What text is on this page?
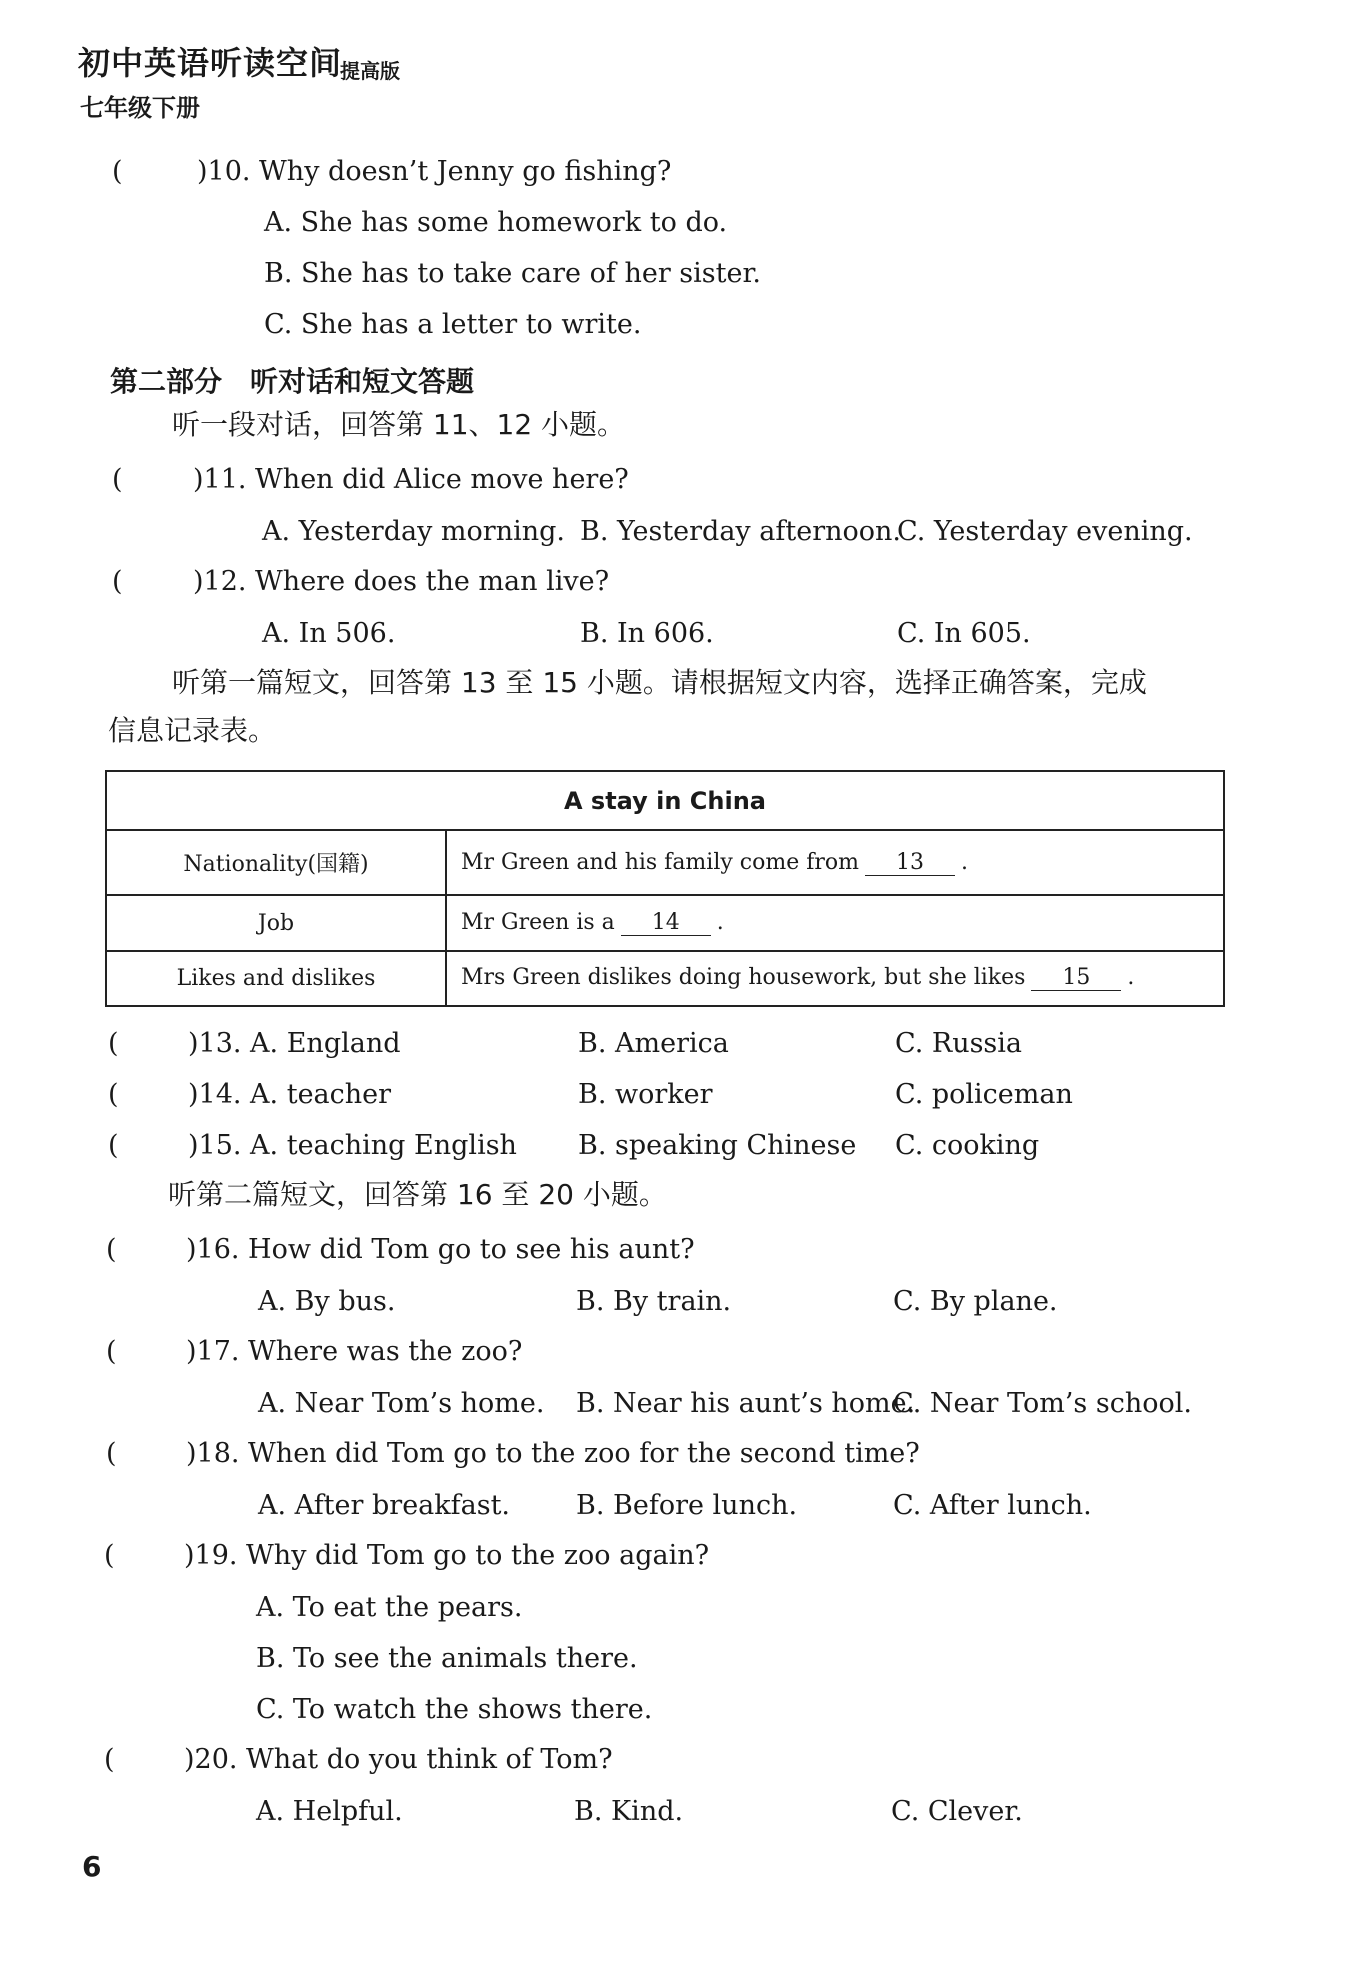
初中英语听读空间
提高版
七年级下册
(	)10. Why doesn’t Jenny go fishing?
A. She has some homework to do.
B. She has to take care of her sister.
C. She has a letter to write.
第二部分　听对话和短文答题
听一段对话，回答第 11、12 小题。
(	)11. When did Alice move here?
A. Yesterday morning. B. Yesterday afternoon.
C. Yesterday evening.
(	)12. Where does the man live?
A. In 506.	B. In 606.	C. In 605.
听第一篇短文，回答第 13 至 15 小题。请根据短文内容，选择正确答案，完成
信息记录表。
A stay in China	
Nationality(国籍)	Mr Green and his family come from 13 .
Job	Mr Green is a 14 .
Likes and dislikes	Mrs Green dislikes doing housework, but she likes 15 .
(	)13. A. England	B. America	C. Russia
(	)14. A. teacher	B. worker	C. policeman
(	)15. A. teaching English B. speaking Chinese C. cooking
听第二篇短文，回答第 16 至 20 小题。
(	)16. How did Tom go to see his aunt?
A. By bus.	B. By train.	C. By plane.
(	)17. Where was the zoo?
A. Near Tom’s home. B. Near his aunt’s home.
C. Near Tom’s school.
(	)18. When did Tom go to the zoo for the second time?
A. After breakfast. B. Before lunch.	C. After lunch.
(	)19. Why did Tom go to the zoo again?
A. To eat the pears.
B. To see the animals there.
C. To watch the shows there.
(	)20. What do you think of Tom?
A. Helpful.	B. Kind.	C. Clever.
6
